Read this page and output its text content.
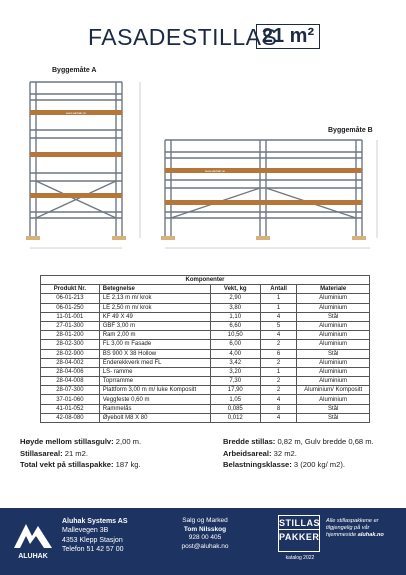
FASADESTILLAS
21 m²
www.aluhak.no
www.aluhak.no
Byggemåte A
Byggemåte B
Komponenter				
Produkt Nr.	Betegnelse	Vekt, kg	Antall	Materiale
06-01-213	LE 2,13 m m/ krok	2,90	1	Aluminium
06-01-250	LE 2,50 m m/ krok	3,80	1	Aluminium
11-01-001	KF 49 X 49	1,10	4	Stål
27-01-300	GBF 3,00 m	6,60	5	Aluminium
28-01-200	Ram 2,00 m	10,50	4	Aluminium
28-02-300	FL 3,00 m Fasade	6,00	2	Aluminium
28-02-900	BS 900 X 38 Hollow	4,00	6	Stål
28-04-002	Enderekkverk med FL	3,42	2	Aluminium
28-04-006	LS- ramme	3,20	1	Aluminium
28-04-008	Toprramme	7,30	2	Aluminium
28-07-300	Plattform 3,00 m m/ luke Kompositt	17,90	2	Aluminium/ Kompositt
37-01-060	Veggfeste 0,60 m	1,05	4	Aluminium
41-01-052	Rammelås	0,085	8	Stål
42-08-080	Øyebolt M8 X 80	0,012	4	Stål
Høyde mellom stillasgulv: 2,00 m.
Stillasareal: 21 m2.
Total vekt på stillaspakke: 187 kg.
Bredde stillas: 0,82 m, Gulv bredde 0,68 m.
Arbeidsareal: 32 m2.
Belastningsklasse: 3 (200 kg/ m2).
ALUHAK
Aluhak Systems AS
Mallevegen 3B
4353 Klepp Stasjon
Telefon 51 42 57 00
Salg og Marked
Tom Nilsskog
928 00 405
post@aluhak.no
STILLAS
PAKKER
katalog 2022
Alle stillaspakkene er tilgjengelig på vår hjemmeside aluhak.no
